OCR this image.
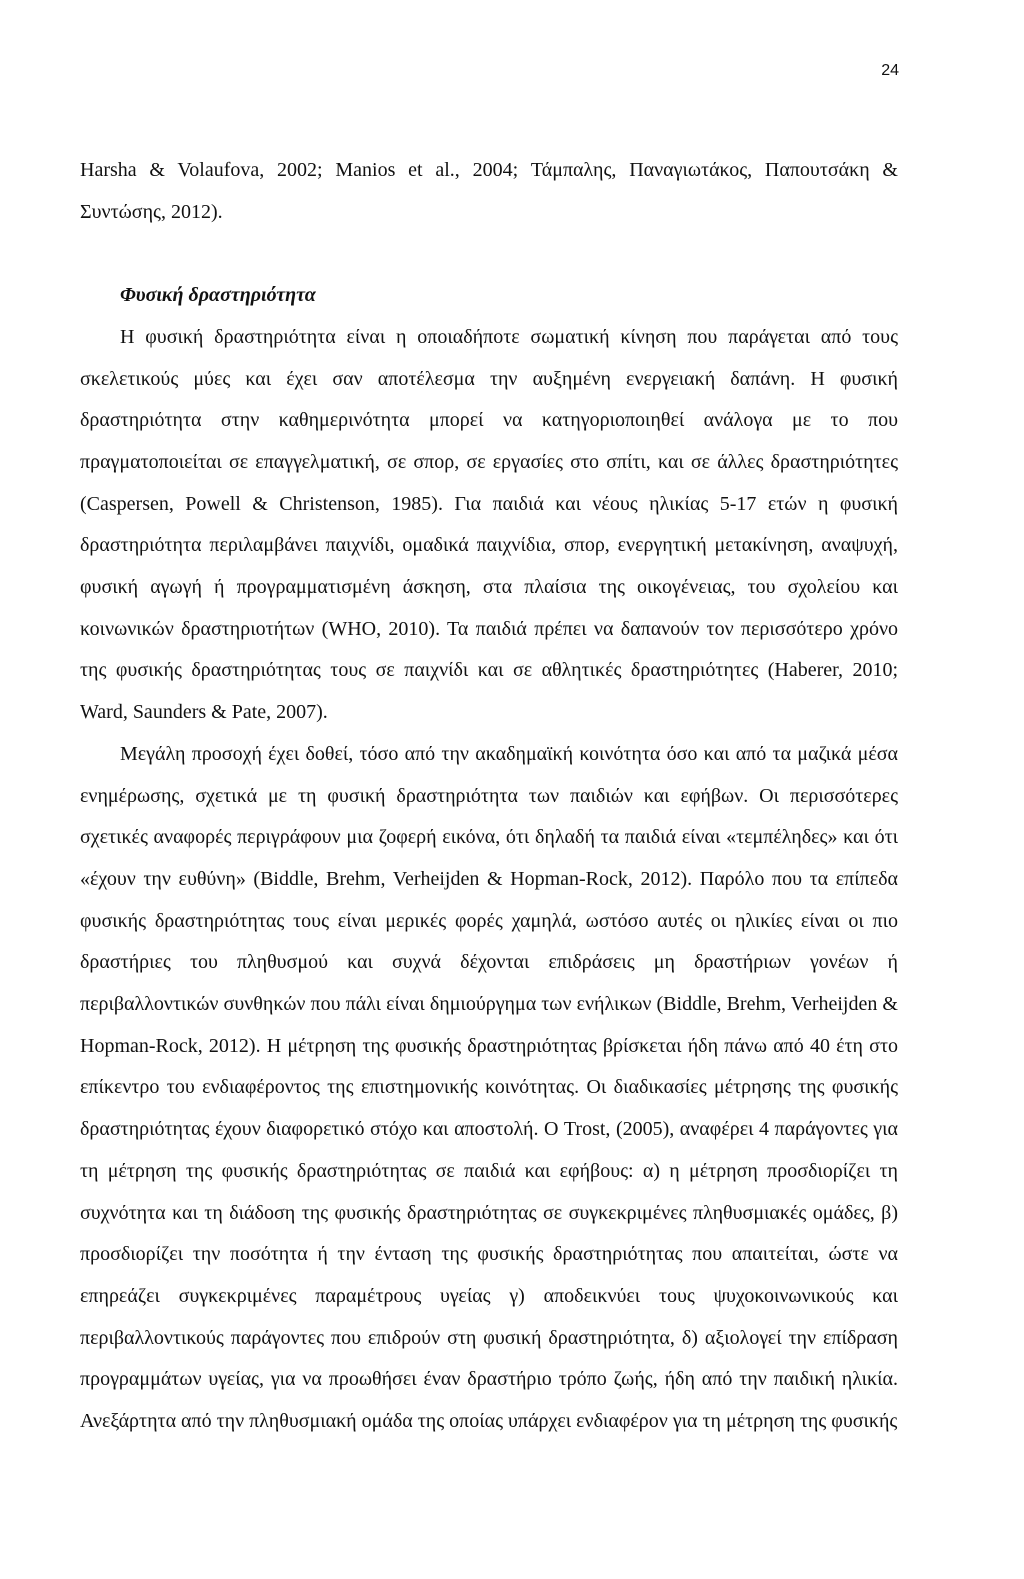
24

Harsha & Volaufova, 2002; Manios et al., 2004; Τάμπαλης, Παναγιωτάκος, Παπουτσάκη & Συντώσης, 2012).

Φυσική δραστηριότητα

Η φυσική δραστηριότητα είναι η οποιαδήποτε σωματική κίνηση που παράγεται από τους σκελετικούς μύες και έχει σαν αποτέλεσμα την αυξημένη ενεργειακή δαπάνη. Η φυσική δραστηριότητα στην καθημερινότητα μπορεί να κατηγοριοποιηθεί ανάλογα με το που πραγματοποιείται σε επαγγελματική, σε σπορ, σε εργασίες στο σπίτι, και σε άλλες δραστηριότητες (Caspersen, Powell & Christenson, 1985). Για παιδιά και νέους ηλικίας 5-17 ετών η φυσική δραστηριότητα περιλαμβάνει παιχνίδι, ομαδικά παιχνίδια, σπορ, ενεργητική μετακίνηση, αναψυχή, φυσική αγωγή ή προγραμματισμένη άσκηση, στα πλαίσια της οικογένειας, του σχολείου και κοινωνικών δραστηριοτήτων (WHO, 2010). Τα παιδιά πρέπει να δαπανούν τον περισσότερο χρόνο της φυσικής δραστηριότητας τους σε παιχνίδι και σε αθλητικές δραστηριότητες (Haberer, 2010; Ward, Saunders & Pate, 2007).

Μεγάλη προσοχή έχει δοθεί, τόσο από την ακαδημαϊκή κοινότητα όσο και από τα μαζικά μέσα ενημέρωσης, σχετικά με τη φυσική δραστηριότητα των παιδιών και εφήβων. Οι περισσότερες σχετικές αναφορές περιγράφουν μια ζοφερή εικόνα, ότι δηλαδή τα παιδιά είναι «τεμπέληδες» και ότι «έχουν την ευθύνη» (Biddle, Brehm, Verheijden & Hopman-Rock, 2012). Παρόλο που τα επίπεδα φυσικής δραστηριότητας τους είναι μερικές φορές χαμηλά, ωστόσο αυτές οι ηλικίες είναι οι πιο δραστήριες του πληθυσμού και συχνά δέχονται επιδράσεις μη δραστήριων γονέων ή περιβαλλοντικών συνθηκών που πάλι είναι δημιούργημα των ενήλικων (Biddle, Brehm, Verheijden & Hopman-Rock, 2012). Η μέτρηση της φυσικής δραστηριότητας βρίσκεται ήδη πάνω από 40 έτη στο επίκεντρο του ενδιαφέροντος της επιστημονικής κοινότητας. Οι διαδικασίες μέτρησης της φυσικής δραστηριότητας έχουν διαφορετικό στόχο και αποστολή. Ο Trost, (2005), αναφέρει 4 παράγοντες για τη μέτρηση της φυσικής δραστηριότητας σε παιδιά και εφήβους: α) η μέτρηση προσδιορίζει τη συχνότητα και τη διάδοση της φυσικής δραστηριότητας σε συγκεκριμένες πληθυσμιακές ομάδες, β) προσδιορίζει την ποσότητα ή την ένταση της φυσικής δραστηριότητας που απαιτείται, ώστε να επηρεάζει συγκεκριμένες παραμέτρους υγείας γ) αποδεικνύει τους ψυχοκοινωνικούς και περιβαλλοντικούς παράγοντες που επιδρούν στη φυσική δραστηριότητα, δ) αξιολογεί την επίδραση προγραμμάτων υγείας, για να προωθήσει έναν δραστήριο τρόπο ζωής, ήδη από την παιδική ηλικία. Ανεξάρτητα από την πληθυσμιακή ομάδα της οποίας υπάρχει ενδιαφέρον για τη μέτρηση της φυσικής
